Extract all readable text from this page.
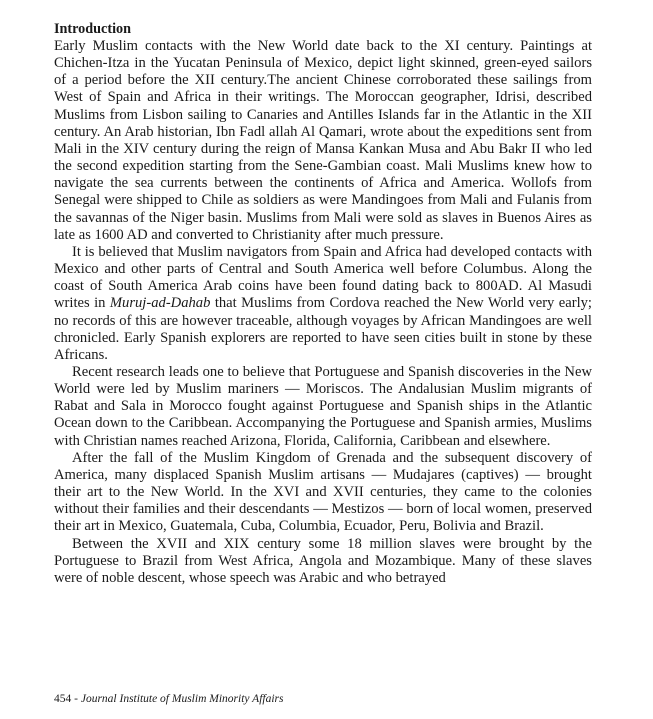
Introduction

Early Muslim contacts with the New World date back to the XI century. Paintings at Chichen-Itza in the Yucatan Peninsula of Mexico, depict light skinned, green-eyed sailors of a period before the XII century.The ancient Chinese corroborated these sailings from West of Spain and Africa in their writings. The Moroccan geographer, Idrisi, described Muslims from Lisbon sailing to Canaries and Antilles Islands far in the Atlantic in the XII century. An Arab historian, Ibn Fadl allah Al Qamari, wrote about the expeditions sent from Mali in the XIV century during the reign of Mansa Kankan Musa and Abu Bakr II who led the second expedition starting from the Sene-Gambian coast. Mali Muslims knew how to navigate the sea currents between the continents of Africa and America. Wollofs from Senegal were shipped to Chile as soldiers as were Mandingoes from Mali and Fulanis from the savannas of the Niger basin. Muslims from Mali were sold as slaves in Buenos Aires as late as 1600 AD and converted to Christianity after much pressure.

It is believed that Muslim navigators from Spain and Africa had developed contacts with Mexico and other parts of Central and South America well before Columbus. Along the coast of South America Arab coins have been found dating back to 800AD. Al Masudi writes in Muruj-ad-Dahab that Muslims from Cordova reached the New World very early; no records of this are however traceable, although voyages by African Mandingoes are well chronicled. Early Spanish explorers are reported to have seen cities built in stone by these Africans.

Recent research leads one to believe that Portuguese and Spanish discoveries in the New World were led by Muslim mariners — Moriscos. The Andalusian Muslim migrants of Rabat and Sala in Morocco fought against Portuguese and Spanish ships in the Atlantic Ocean down to the Caribbean. Accompanying the Portuguese and Spanish armies, Muslims with Christian names reached Arizona, Florida, California, Caribbean and elsewhere.

After the fall of the Muslim Kingdom of Grenada and the subsequent discovery of America, many displaced Spanish Muslim artisans — Mudajares (captives) — brought their art to the New World. In the XVI and XVII centuries, they came to the colonies without their families and their descendants — Mestizos — born of local women, preserved their art in Mexico, Guatemala, Cuba, Columbia, Ecuador, Peru, Bolivia and Brazil.

Between the XVII and XIX century some 18 million slaves were brought by the Portuguese to Brazil from West Africa, Angola and Mozambique. Many of these slaves were of noble descent, whose speech was Arabic and who betrayed

454 - Journal Institute of Muslim Minority Affairs
